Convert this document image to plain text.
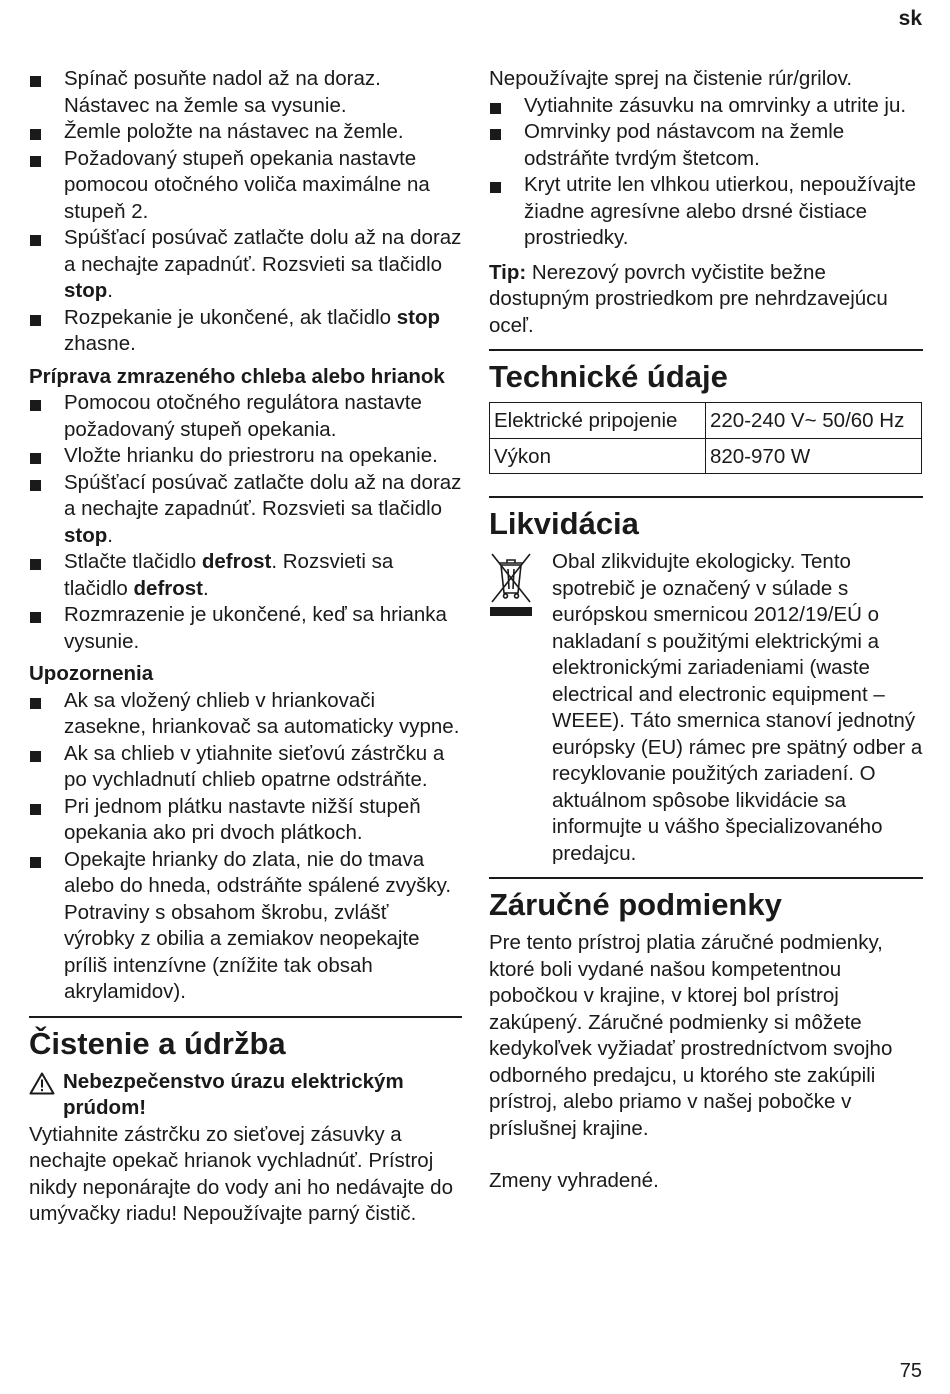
sk
Spínač posuňte nadol až na doraz. Nástavec na žemle sa vysunie.
Žemle položte na nástavec na žemle.
Požadovaný stupeň opekania nastavte pomocou otočného voliča maximálne na stupeň 2.
Spúšťací posúvač zatlačte dolu až na doraz a nechajte zapadnúť. Rozsvieti sa tlačidlo stop.
Rozpekanie je ukončené, ak tlačidlo stop zhasne.
Príprava zmrazeného chleba alebo hrianok
Pomocou otočného regulátora nastavte požadovaný stupeň opekania.
Vložte hrianku do priestroru na opekanie.
Spúšťací posúvač zatlačte dolu až na doraz a nechajte zapadnúť. Rozsvieti sa tlačidlo stop.
Stlačte tlačidlo defrost. Rozsvieti sa tlačidlo defrost.
Rozmrazenie je ukončené, keď sa hrianka vysunie.
Upozornenia
Ak sa vložený chlieb v hriankovači zasekne, hriankovač sa automaticky vypne.
Ak sa chlieb v ytiahnite sieťovú zástrčku a po vychladnutí chlieb opatrne odstráňte.
Pri jednom plátku nastavte nižší stupeň opekania ako pri dvoch plátkoch.
Opekajte hrianky do zlata, nie do tmava alebo do hneda, odstráňte spálené zvyšky. Potraviny s obsahom škrobu, zvlášť výrobky z obilia a zemiakov neopekajte príliš intenzívne (znížite tak obsah akrylamidov).
Čistenie a údržba
Nebezpečenstvo úrazu elektrickým prúdom!

Vytiahnite zástrčku zo sieťovej zásuvky a nechajte opekač hrianok vychladnúť. Prístroj nikdy neponárajte do vody ani ho nedávajte do umývačky riadu! Nepoužívajte parný čistič.

Nepoužívajte sprej na čistenie rúr/grilov.

Vytiahnite zásuvku na omrvinky a utrite ju.
Omrvinky pod nástavcom na žemle odstráňte tvrdým štetcom.
Kryt utrite len vlhkou utierkou, nepoužívajte žiadne agresívne alebo drsné čistiace prostriedky.

Tip: Nerezový povrch vyčistite bežne dostupným prostriedkom pre nehrdzavejúcu oceľ.

Technické údaje
Elektrické pripojenie	220-240 V~ 50/60 Hz
Výkon	820-970 W
Likvidácia

Obal zlikvidujte ekologicky. Tento spotrebič je označený v súlade s európskou smernicou 2012/19/EÚ o nakladaní s použitými elektrickými a elektronickými zariadeniami (waste electrical and electronic equipment – WEEE). Táto smernica stanoví jednotný európsky (EU) rámec pre spätný odber a recyklovanie použitých zariadení. O aktuálnom spôsobe likvidácie sa informujte u vášho špecializovaného predajcu.

Záručné podmienky

Pre tento prístroj platia záručné podmienky, ktoré boli vydané našou kompetentnou pobočkou v krajine, v ktorej bol prístroj zakúpený. Záručné podmienky si môžete kedykoľvek vyžiadať prostredníctvom svojho odborného predajcu, u ktorého ste zakúpili prístroj, alebo priamo v našej pobočke v príslušnej krajine.

Zmeny vyhradené.

75
